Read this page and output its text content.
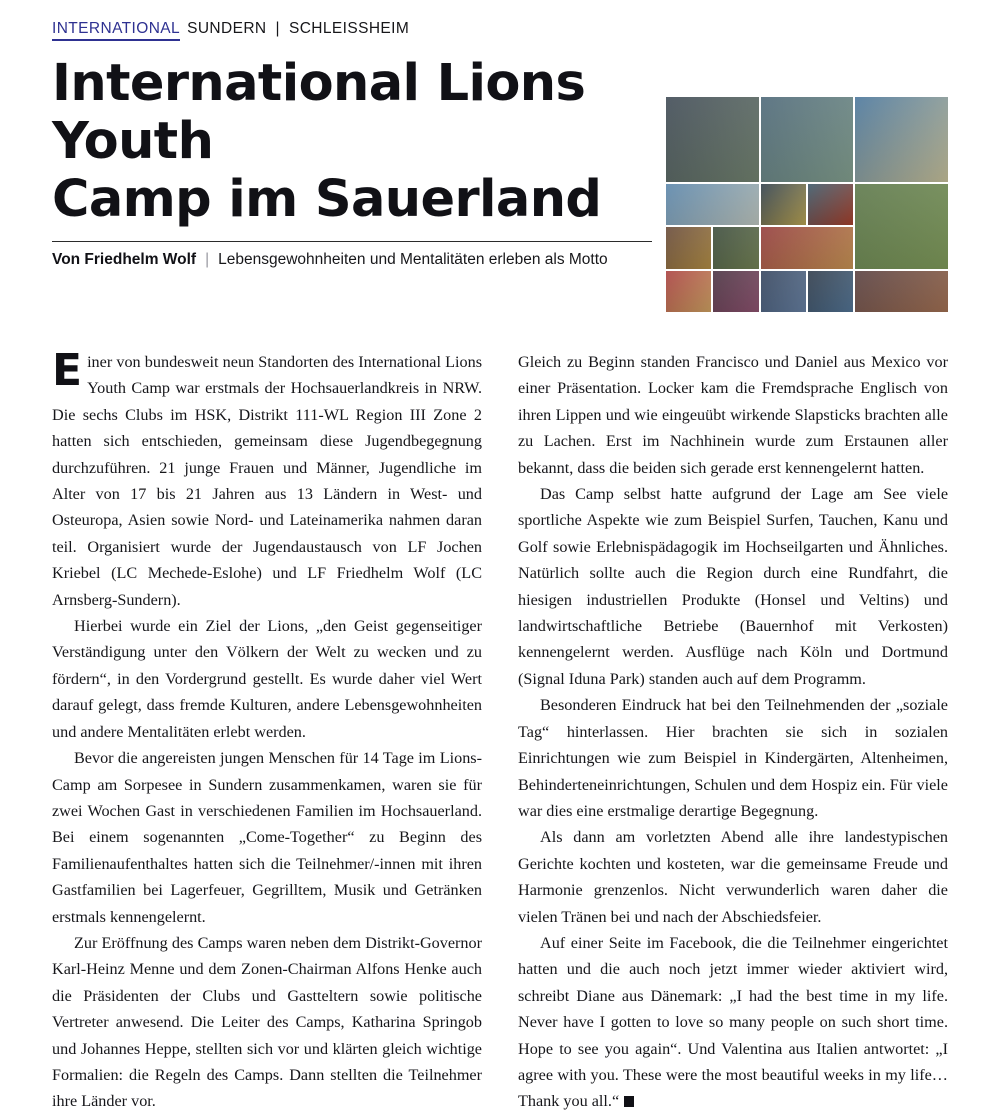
INTERNATIONAL SUNDERN | SCHLEISSHEIM
International Lions Youth
Camp im Sauerland
Von Friedhelm Wolf | Lebensgewohnheiten und Mentalitäten erleben als Motto

Einer von bundesweit neun Standorten des International Lions Youth Camp war erstmals der Hochsauerlandkreis in NRW. Die sechs Clubs im HSK, Distrikt 111-WL Region III Zone 2 hatten sich entschieden, gemeinsam diese Jugendbegegnung durchzuführen. 21 junge Frauen und Männer, Jugendliche im Alter von 17 bis 21 Jahren aus 13 Ländern in West- und Osteuropa, Asien sowie Nord- und Lateinamerika nahmen daran teil. Organisiert wurde der Jugendaustausch von LF Jochen Kriebel (LC Mechede-Eslohe) und LF Friedhelm Wolf (LC Arnsberg-Sundern).

Hierbei wurde ein Ziel der Lions, „den Geist gegenseitiger Verständigung unter den Völkern der Welt zu wecken und zu fördern“, in den Vordergrund gestellt. Es wurde daher viel Wert darauf gelegt, dass fremde Kulturen, andere Lebensgewohnheiten und andere Mentalitäten erlebt werden.

Bevor die angereisten jungen Menschen für 14 Tage im Lions-Camp am Sorpesee in Sundern zusammenkamen, waren sie für zwei Wochen Gast in verschiedenen Familien im Hochsauerland. Bei einem sogenannten „Come-Together“ zu Beginn des Familienaufenthaltes hatten sich die Teilnehmer/-innen mit ihren Gastfamilien bei Lagerfeuer, Gegrilltem, Musik und Getränken erstmals kennengelernt.

Zur Eröffnung des Camps waren neben dem Distrikt-Governor Karl-Heinz Menne und dem Zonen-Chairman Alfons Henke auch die Präsidenten der Clubs und Gastteltern sowie politische Vertreter anwesend. Die Leiter des Camps, Katharina Springob und Johannes Heppe, stellten sich vor und klärten gleich wichtige Formalien: die Regeln des Camps. Dann stellten die Teilnehmer ihre Länder vor.

Gleich zu Beginn standen Francisco und Daniel aus Mexico vor einer Präsentation. Locker kam die Fremdsprache Englisch von ihren Lippen und wie eingeuübt wirkende Slapsticks brachten alle zu Lachen. Erst im Nachhinein wurde zum Erstaunen aller bekannt, dass die beiden sich gerade erst kennengelernt hatten.

Das Camp selbst hatte aufgrund der Lage am See viele sportliche Aspekte wie zum Beispiel Surfen, Tauchen, Kanu und Golf sowie Erlebnispädagogik im Hochseilgarten und Ähnliches. Natürlich sollte auch die Region durch eine Rundfahrt, die hiesigen industriellen Produkte (Honsel und Veltins) und landwirtschaftliche Betriebe (Bauernhof mit Verkosten) kennengelernt werden. Ausflüge nach Köln und Dortmund (Signal Iduna Park) standen auch auf dem Programm.

Besonderen Eindruck hat bei den Teilnehmenden der „soziale Tag“ hinterlassen. Hier brachten sie sich in sozialen Einrichtungen wie zum Beispiel in Kindergärten, Altenheimen, Behinderteneinrichtungen, Schulen und dem Hospiz ein. Für viele war dies eine erstmalige derartige Begegnung.

Als dann am vorletzten Abend alle ihre landestypischen Gerichte kochten und kosteten, war die gemeinsame Freude und Harmonie grenzenlos. Nicht verwunderlich waren daher die vielen Tränen bei und nach der Abschiedsfeier.

Auf einer Seite im Facebook, die die Teilnehmer eingerichtet hatten und die auch noch jetzt immer wieder aktiviert wird, schreibt Diane aus Dänemark: „I had the best time in my life. Never have I gotten to love so many people on such short time. Hope to see you again“. Und Valentina aus Italien antwortet: „I agree with you. These were the most beautiful weeks in my life… Thank you all.“
